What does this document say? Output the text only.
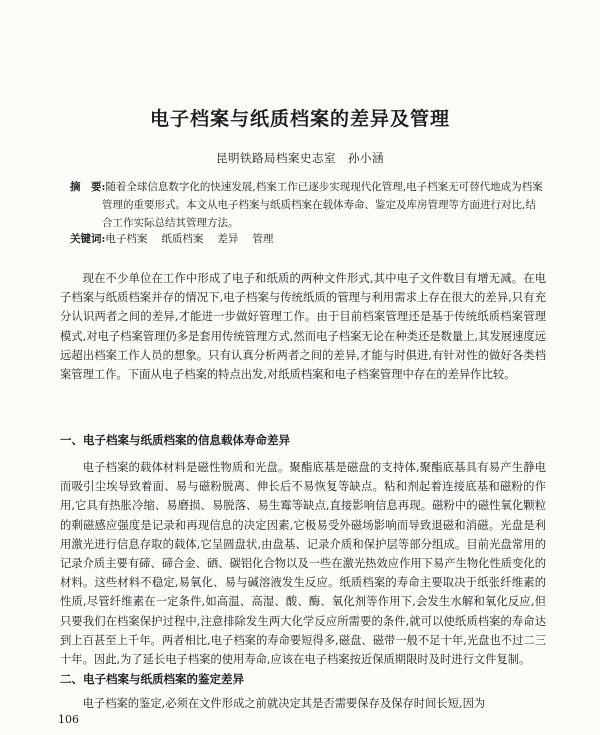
电子档案与纸质档案的差异及管理
昆明铁路局档案史志室　孙小涵
摘　要:随着全球信息数字化的快速发展,档案工作已逐步实现现代化管理,电子档案无可替代地成为档案管理的重要形式。本文从电子档案与纸质档案在载体寿命、鉴定及库房管理等方面进行对比,结合工作实际总结其管理方法。
关键词:电子档案 纸质档案 差异 管理

现在不少单位在工作中形成了电子和纸质的两种文件形式,其中电子文件数目有增无减。在电子档案与纸质档案并存的情况下,电子档案与传统纸质的管理与利用需求上存在很大的差异,只有充分认识两者之间的差异,才能进一步做好管理工作。由于目前档案管理还是基于传统纸质档案管理模式,对电子档案管理仍多是套用传统管理方式,然而电子档案无论在种类还是数量上,其发展速度远远超出档案工作人员的想象。只有认真分析两者之间的差异,才能与时俱进,有针对性的做好各类档案管理工作。下面从电子档案的特点出发,对纸质档案和电子档案管理中存在的差异作比较。

一、电子档案与纸质档案的信息载体寿命差异

电子档案的载体材料是磁性物质和光盘。聚酯底基是磁盘的支持体,聚酯底基具有易产生静电而吸引尘埃导致着面、易与磁粉脱离、伸长后不易恢复等缺点。粘和剂起着连接底基和磁粉的作用,它具有热胀冷缩、易磨损、易脱落、易生霉等缺点,直接影响信息再现。磁粉中的磁性氧化颗粒的剩磁感应强度是记录和再现信息的决定因素,它极易受外磁场影响而导致退磁和消磁。光盘是利用激光进行信息存取的载体,它呈圆盘状,由盘基、记录介质和保护层等部分组成。目前光盘常用的记录介质主要有碲、碲合金、硒、碳铝化合物以及一些在激光热效应作用下易产生物化性质变化的材料。这些材料不稳定,易氧化、易与碱溶液发生反应。纸质档案的寿命主要取决于纸张纤维素的性质,尽管纤维素在一定条件,如高温、高湿、酸、酶、氧化剂等作用下,会发生水解和氧化反应,但只要我们在档案保护过程中,注意排除发生两大化学反应所需要的条件,就可以使纸质档案的寿命达到上百甚至上千年。两者相比,电子档案的寿命要短得多,磁盘、磁带一般不足十年,光盘也不过二三十年。因此,为了延长电子档案的使用寿命,应该在电子档案按近保质期限时及时进行文件复制。

二、电子档案与纸质档案的鉴定差异

电子档案的鉴定,必须在文件形成之前就决定其是否需要保存及保存时间长短,因为

106
